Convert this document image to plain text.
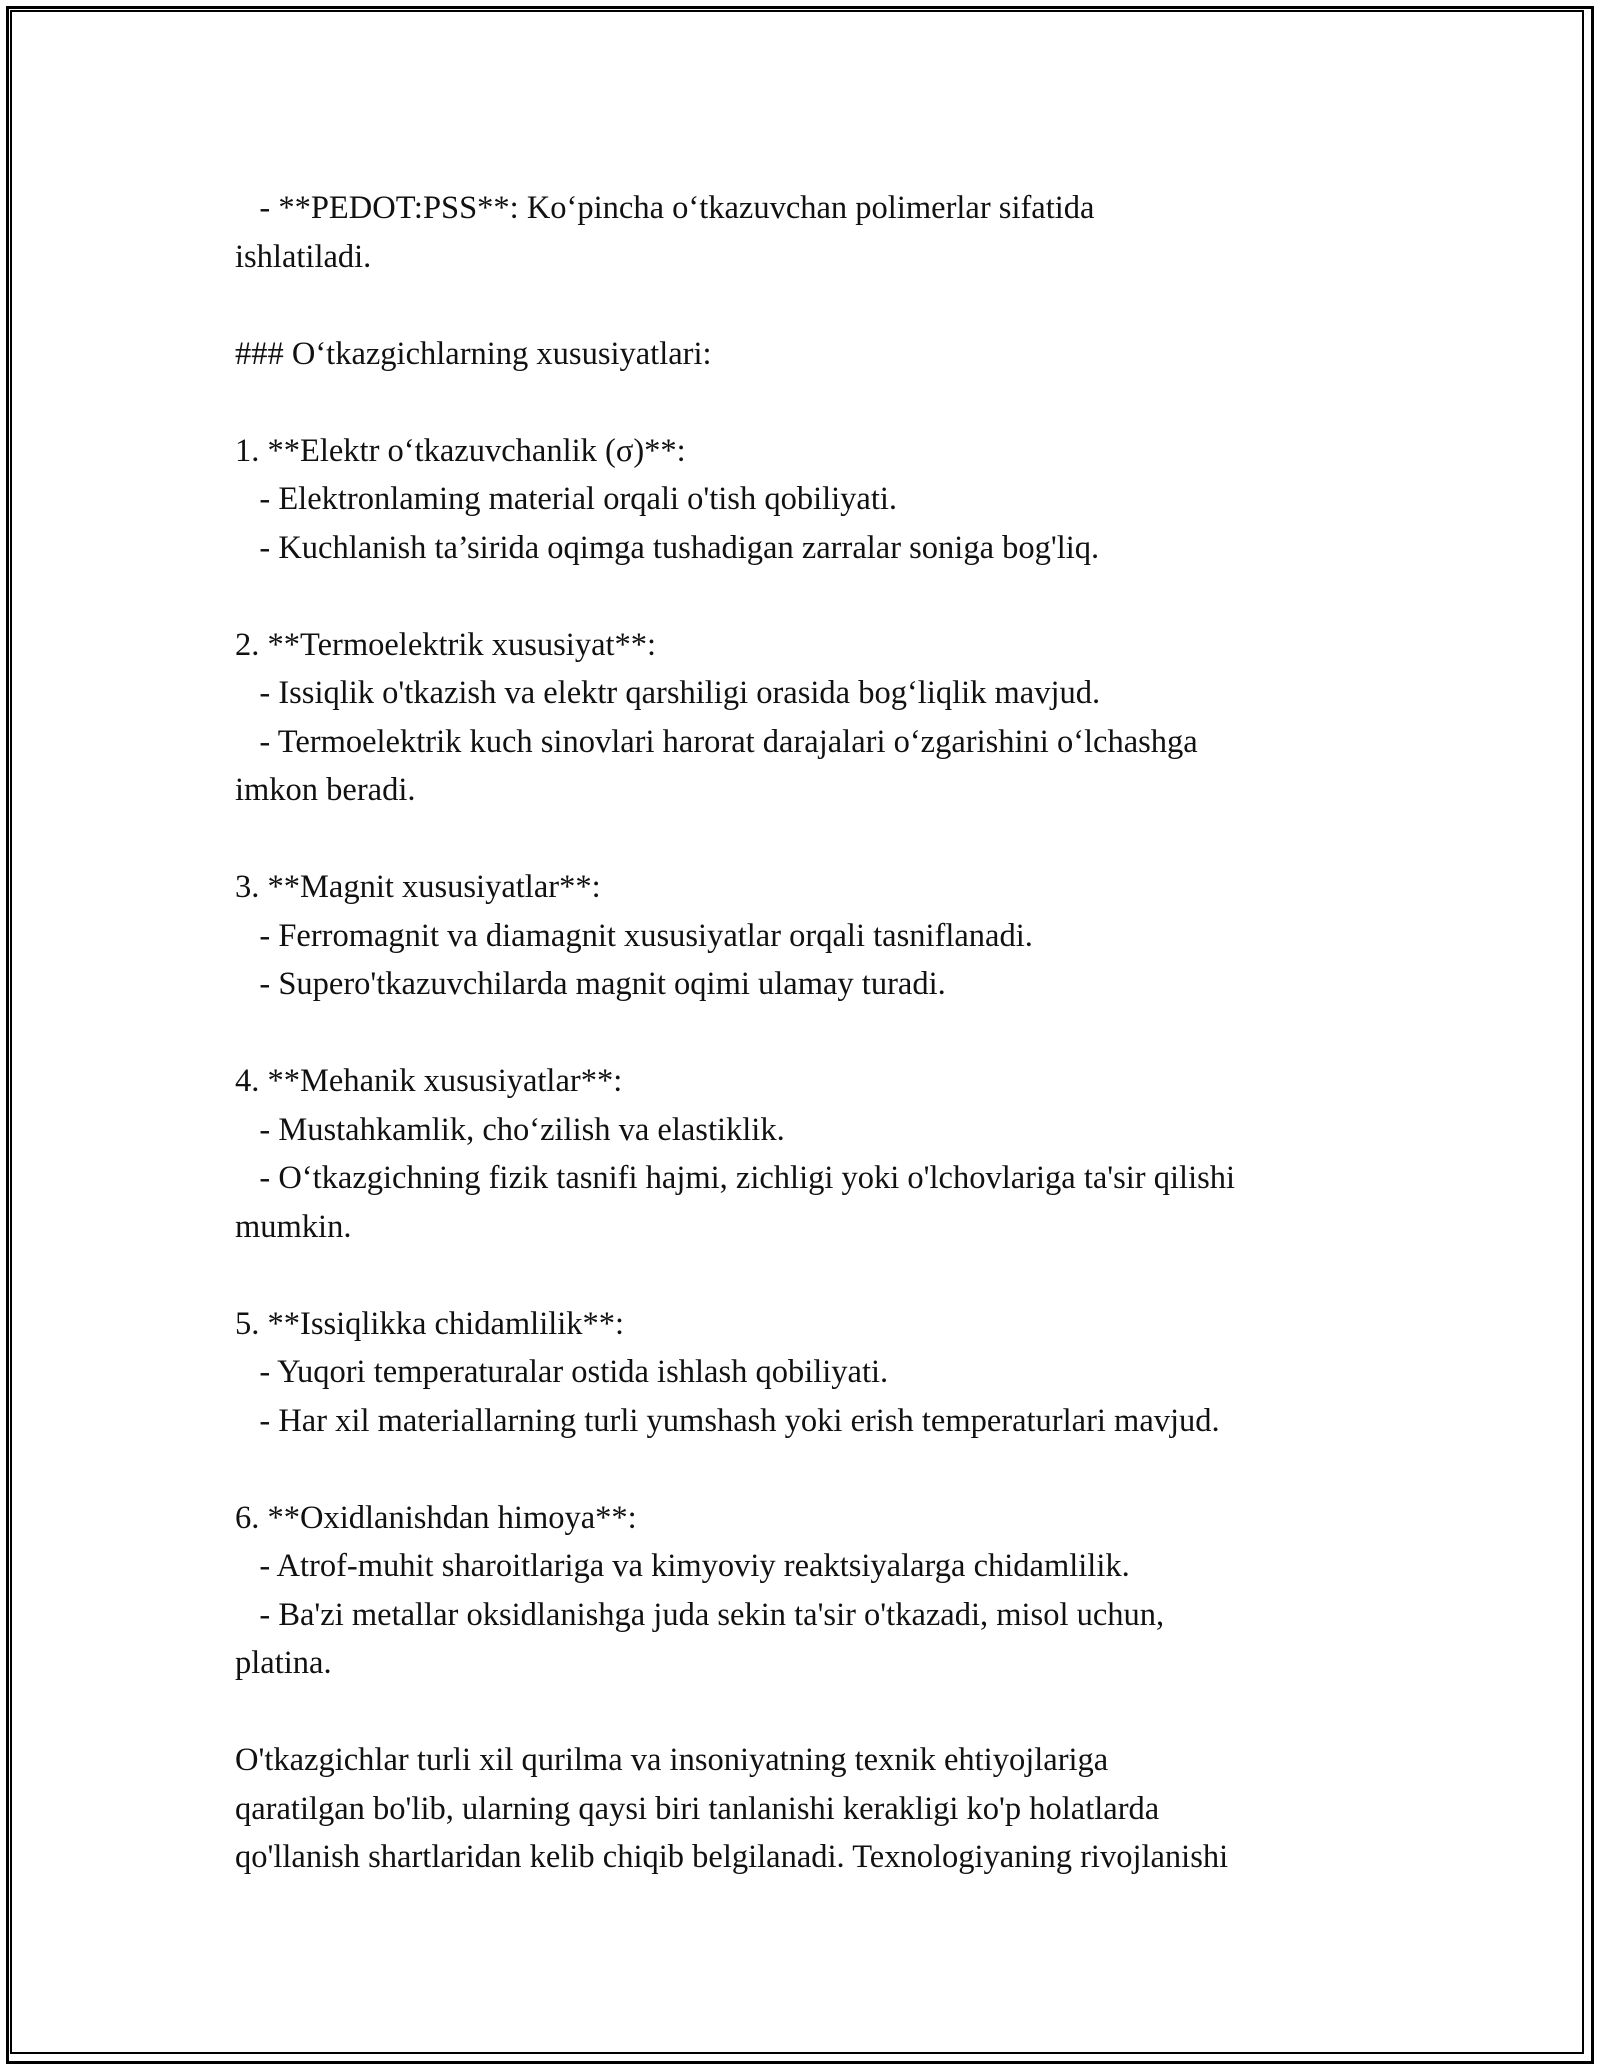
- **PEDOT:PSS**: Ko‘pincha o‘tkazuvchan polimerlar sifatida
ishlatiladi.
### O‘tkazgichlarning xususiyatlari:
1. **Elektr o‘tkazuvchanlik (σ)**:
- Elektronlaming material orqali o'tish qobiliyati.
- Kuchlanish ta’sirida oqimga tushadigan zarralar soniga bog'liq.
2. **Termoelektrik xususiyat**:
- Issiqlik o'tkazish va elektr qarshiligi orasida bog‘liqlik mavjud.
- Termoelektrik kuch sinovlari harorat darajalari o‘zgarishini o‘lchashga
imkon beradi.
3. **Magnit xususiyatlar**:
- Ferromagnit va diamagnit xususiyatlar orqali tasniflanadi.
- Supero'tkazuvchilarda magnit oqimi ulamay turadi.
4. **Mehanik xususiyatlar**:
- Mustahkamlik, cho‘zilish va elastiklik.
- O‘tkazgichning fizik tasnifi hajmi, zichligi yoki o'lchovlariga ta'sir qilishi
mumkin.
5. **Issiqlikka chidamlilik**:
- Yuqori temperaturalar ostida ishlash qobiliyati.
- Har xil materiallarning turli yumshash yoki erish temperaturlari mavjud.
6. **Oxidlanishdan himoya**:
- Atrof-muhit sharoitlariga va kimyoviy reaktsiyalarga chidamlilik.
- Ba'zi metallar oksidlanishga juda sekin ta'sir o'tkazadi, misol uchun,
platina.
O'tkazgichlar turli xil qurilma va insoniyatning texnik ehtiyojlariga
qaratilgan bo'lib, ularning qaysi biri tanlanishi kerakligi ko'p holatlarda
qo'llanish shartlaridan kelib chiqib belgilanadi. Texnologiyaning rivojlanishi
